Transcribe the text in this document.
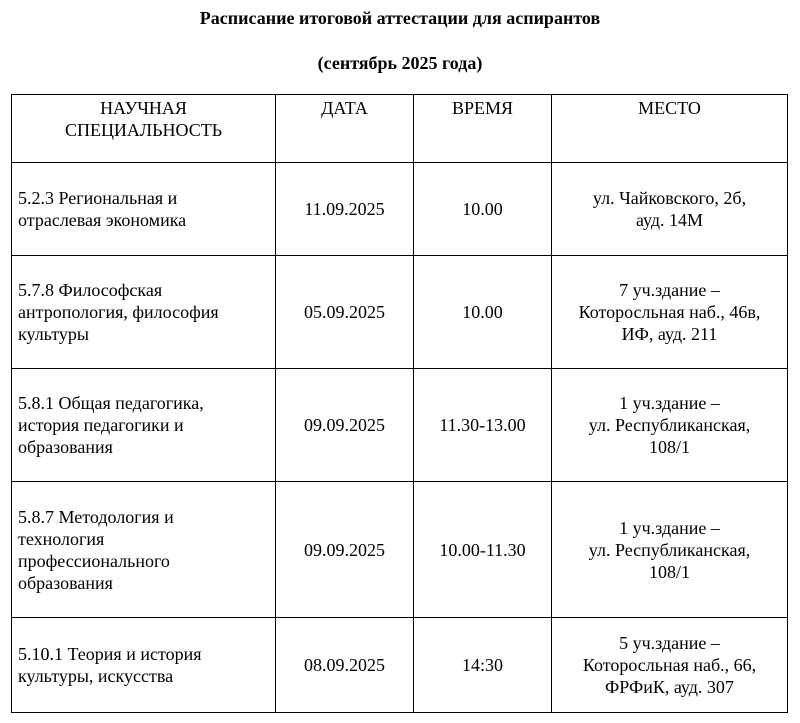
Расписание итоговой аттестации для аспирантов
(сентябрь 2025 года)
НАУЧНАЯ
СПЕЦИАЛЬНОСТЬ	ДАТА	ВРЕМЯ	МЕСТО

5.2.3 Региональная и
отраслевая экономика	11.09.2025	10.00	ул. Чайковского, 2б,
ауд. 14М

5.7.8 Философская
антропология, философия
культуры	05.09.2025	10.00	7 уч.здание –
Которосльная наб., 46в,
ИФ, ауд. 211

5.8.1 Общая педагогика,
история педагогики и
образования	09.09.2025	11.30-13.00	1 уч.здание –
ул. Республиканская,
108/1

5.8.7 Методология и
технология
профессионального
образования	09.09.2025	10.00-11.30	1 уч.здание –
ул. Республиканская,
108/1

5.10.1 Теория и история
культуры, искусства	08.09.2025	14:30	5 уч.здание –
Которосльная наб., 66,
ФРФиК, ауд. 307
